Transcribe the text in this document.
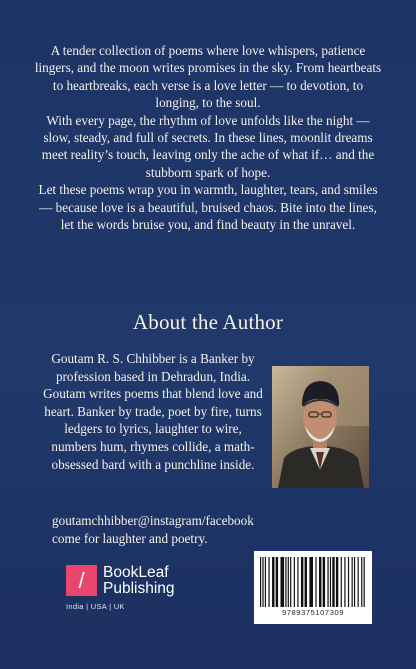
A tender collection of poems where love whispers, patience lingers, and the moon writes promises in the sky. From heartbeats to heartbreaks, each verse is a love letter — to devotion, to longing, to the soul.

With every page, the rhythm of love unfolds like the night — slow, steady, and full of secrets. In these lines, moonlit dreams meet reality’s touch, leaving only the ache of what if… and the stubborn spark of hope.

Let these poems wrap you in warmth, laughter, tears, and smiles — because love is a beautiful, bruised chaos. Bite into the lines, let the words bruise you, and find beauty in the unravel.

About the Author
Goutam R. S. Chhibber is a Banker by profession based in Dehradun, India. Goutam writes poems that blend love and heart. Banker by trade, poet by fire, turns ledgers to lyrics, laughter to wire, numbers hum, rhymes collide, a math-obsessed bard with a punchline inside.
goutamchhibber@instagram/facebook
come for laughter and poetry.
/	BookLeaf
Publishing
India | USA | UK
9789375107309
